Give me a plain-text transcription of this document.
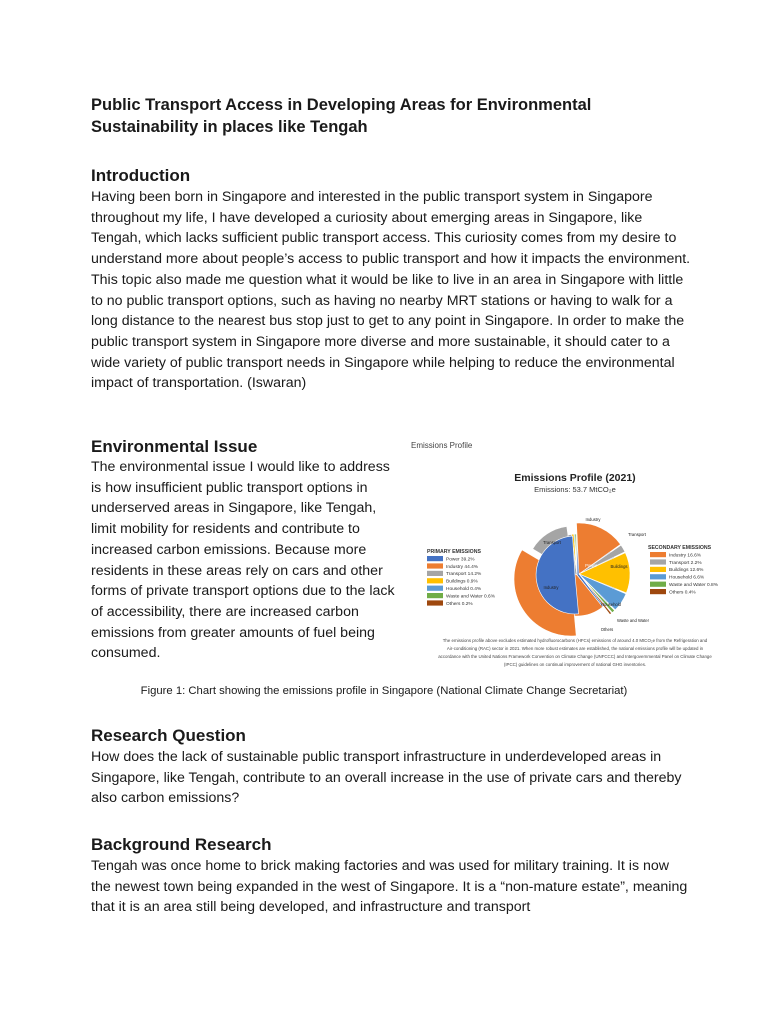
Public Transport Access in Developing Areas for Environmental Sustainability in places like Tengah
Introduction

Having been born in Singapore and interested in the public transport system in Singapore throughout my life, I have developed a curiosity about emerging areas in Singapore, like Tengah, which lacks sufficient public transport access. This curiosity comes from my desire to understand more about people’s access to public transport and how it impacts the environment. This topic also made me question what it would be like to live in an area in Singapore with little to no public transport options, such as having no nearby MRT stations or having to walk for a long distance to the nearest bus stop just to get to any point in Singapore. In order to make the public transport system in Singapore more diverse and more sustainable, it should cater to a wide variety of public transport needs in Singapore while helping to reduce the environmental impact of transportation. (Iswaran)

Environmental Issue

The environmental issue I would like to address is how insufficient public transport options in underserved areas in Singapore, like Tengah, limit mobility for residents and contribute to increased carbon emissions. Because more residents in these areas rely on cars and other forms of private transport options due to the lack of accessibility, there are increased carbon emissions from greater amounts of fuel being consumed.

Emissions Profile
Emissions Profile (2021)
Emissions: 53.7 MtCO₂e
Power
Industry
Transport
Buildings
Household
Waste and Water
Others
Transport
Industry
PRIMARY EMISSIONS
Power 39.2%
Industry 44.4%
Transport 14.2%
Buildings 0.9%
Household 0.4%
Waste and Water 0.6%
Others 0.2%
SECONDARY EMISSIONS
Industry 16.6%
Transport 2.2%
Buildings 12.6%
Household 6.6%
Waste and Water 0.8%
Others 0.4%
The emissions profile above excludes estimated hydrofluorocarbons (HFCs) emissions of around 4.0 MtCO₂e from the Refrigeration and
Air-conditioning (RAC) sector in 2021. When more robust estimates are established, the national emissions profile will be updated in
accordance with the United Nations Framework Convention on Climate Change (UNFCCC) and Intergovernmental Panel on Climate Change
(IPCC) guidelines on continual improvement of national GHG inventories.
Figure 1: Chart showing the emissions profile in Singapore (National Climate Change Secretariat)
Research Question

How does the lack of sustainable public transport infrastructure in underdeveloped areas in Singapore, like Tengah, contribute to an overall increase in the use of private cars and thereby also carbon emissions?

Background Research

Tengah was once home to brick making factories and was used for military training. It is now the newest town being expanded in the west of Singapore. It is a “non-mature estate”, meaning that it is an area still being developed, and infrastructure and transport
